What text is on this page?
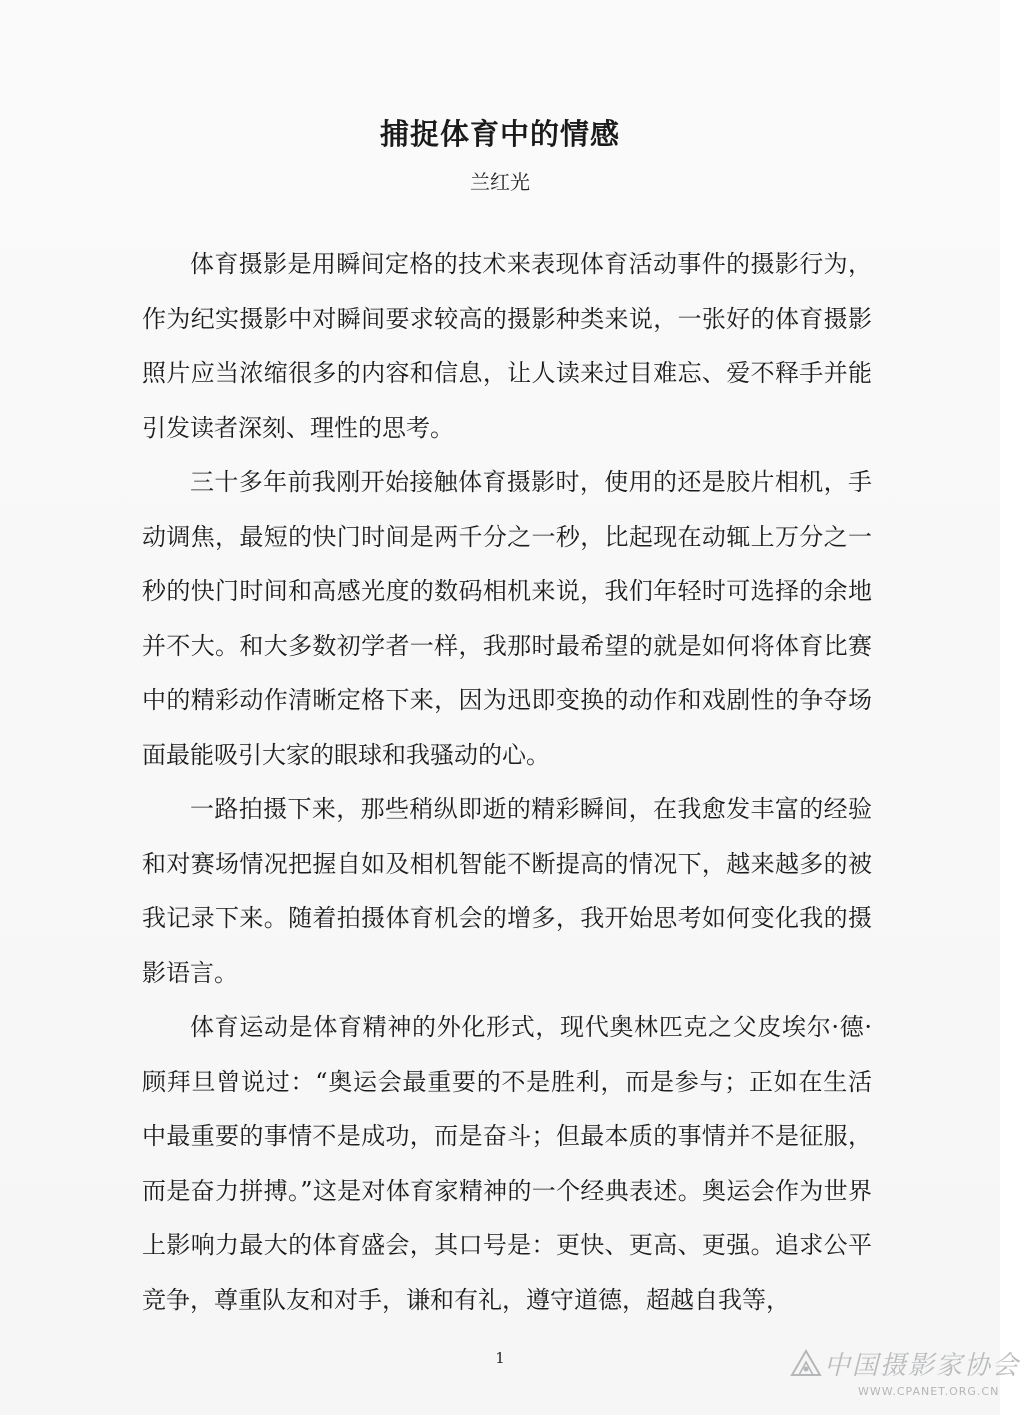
捕捉体育中的情感
兰红光

体育摄影是用瞬间定格的技术来表现体育活动事件的摄影行为，作为纪实摄影中对瞬间要求较高的摄影种类来说，一张好的体育摄影照片应当浓缩很多的内容和信息，让人读来过目难忘、爱不释手并能引发读者深刻、理性的思考。

三十多年前我刚开始接触体育摄影时，使用的还是胶片相机，手动调焦，最短的快门时间是两千分之一秒，比起现在动辄上万分之一秒的快门时间和高感光度的数码相机来说，我们年轻时可选择的余地并不大。和大多数初学者一样，我那时最希望的就是如何将体育比赛中的精彩动作清晰定格下来，因为迅即变换的动作和戏剧性的争夺场面最能吸引大家的眼球和我骚动的心。

一路拍摄下来，那些稍纵即逝的精彩瞬间，在我愈发丰富的经验和对赛场情况把握自如及相机智能不断提高的情况下，越来越多的被我记录下来。随着拍摄体育机会的增多，我开始思考如何变化我的摄影语言。

体育运动是体育精神的外化形式，现代奥林匹克之父皮埃尔·德·顾拜旦曾说过：“奥运会最重要的不是胜利，而是参与；正如在生活中最重要的事情不是成功，而是奋斗；但最本质的事情并不是征服，而是奋力拼搏。”这是对体育家精神的一个经典表述。奥运会作为世界上影响力最大的体育盛会，其口号是：更快、更高、更强。追求公平竞争，尊重队友和对手，谦和有礼，遵守道德，超越自我等，

1	中国摄影家协会
WWW.CPANET.ORG.CN
